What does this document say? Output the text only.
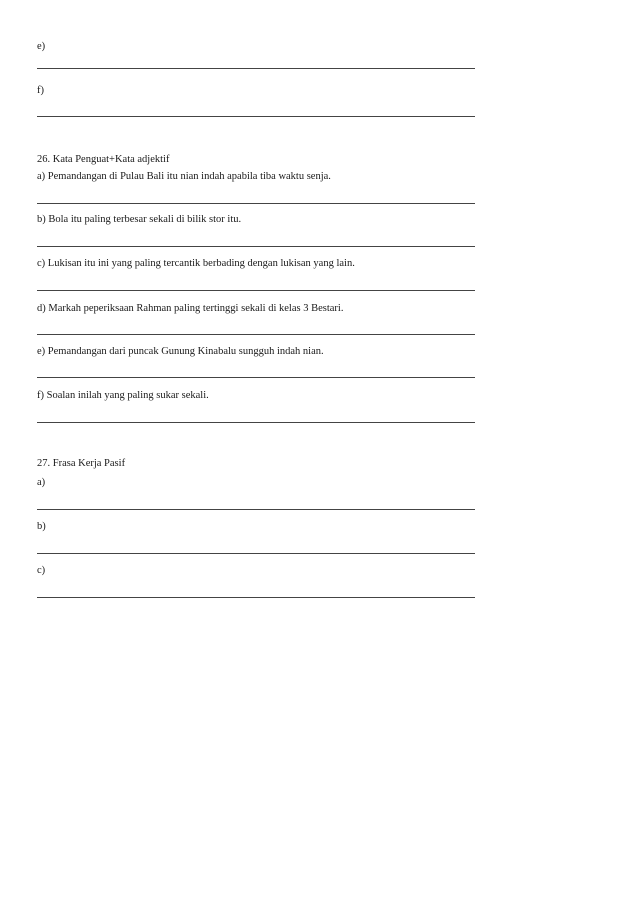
e)
f)
26. Kata Penguat+Kata adjektif
a) Pemandangan di Pulau Bali itu nian indah apabila tiba waktu senja.
b) Bola itu paling terbesar sekali di bilik stor itu.
c) Lukisan itu ini yang paling tercantik berbading dengan lukisan yang lain.
d) Markah peperiksaan Rahman paling tertinggi sekali di kelas 3 Bestari.
e) Pemandangan dari puncak Gunung Kinabalu sungguh indah nian.
f) Soalan inilah yang paling sukar sekali.
27. Frasa Kerja Pasif
a)
b)
c)
